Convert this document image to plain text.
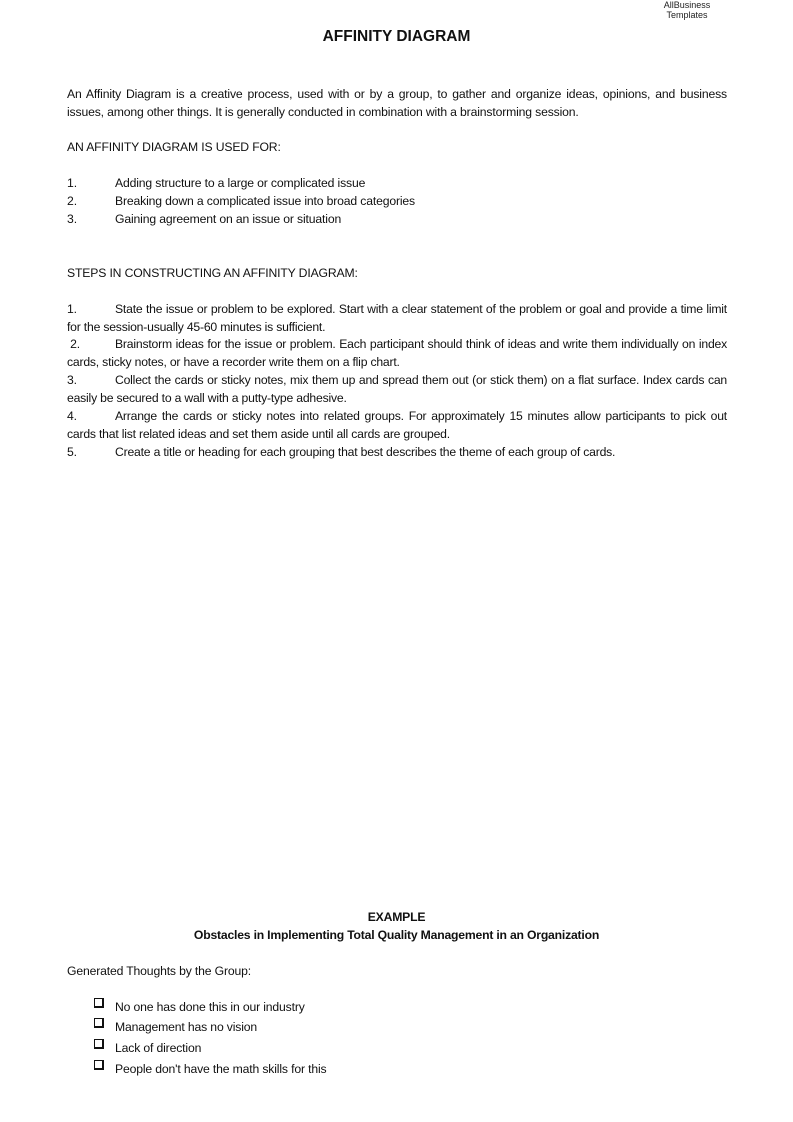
AllBusiness
Templates
AFFINITY DIAGRAM
An Affinity Diagram is a creative process, used with or by a group, to gather and organize ideas, opinions, and business issues, among other things. It is generally conducted in combination with a brainstorming session.
AN AFFINITY DIAGRAM IS USED FOR:
1.	Adding structure to a large or complicated issue
2.	Breaking down a complicated issue into broad categories
3.	Gaining agreement on an issue or situation
STEPS IN CONSTRUCTING AN AFFINITY DIAGRAM:
1.	State the issue or problem to be explored. Start with a clear statement of the problem or goal and provide a time limit for the session-usually 45-60 minutes is sufficient.
2.	Brainstorm ideas for the issue or problem. Each participant should think of ideas and write them individually on index cards, sticky notes, or have a recorder write them on a flip chart.
3.	Collect the cards or sticky notes, mix them up and spread them out (or stick them) on a flat surface. Index cards can easily be secured to a wall with a putty-type adhesive.
4.	Arrange the cards or sticky notes into related groups. For approximately 15 minutes allow participants to pick out cards that list related ideas and set them aside until all cards are grouped.
5.	Create a title or heading for each grouping that best describes the theme of each group of cards.
EXAMPLE
Obstacles in Implementing Total Quality Management in an Organization
Generated Thoughts by the Group:
No one has done this in our industry
Management has no vision
Lack of direction
People don't have the math skills for this
